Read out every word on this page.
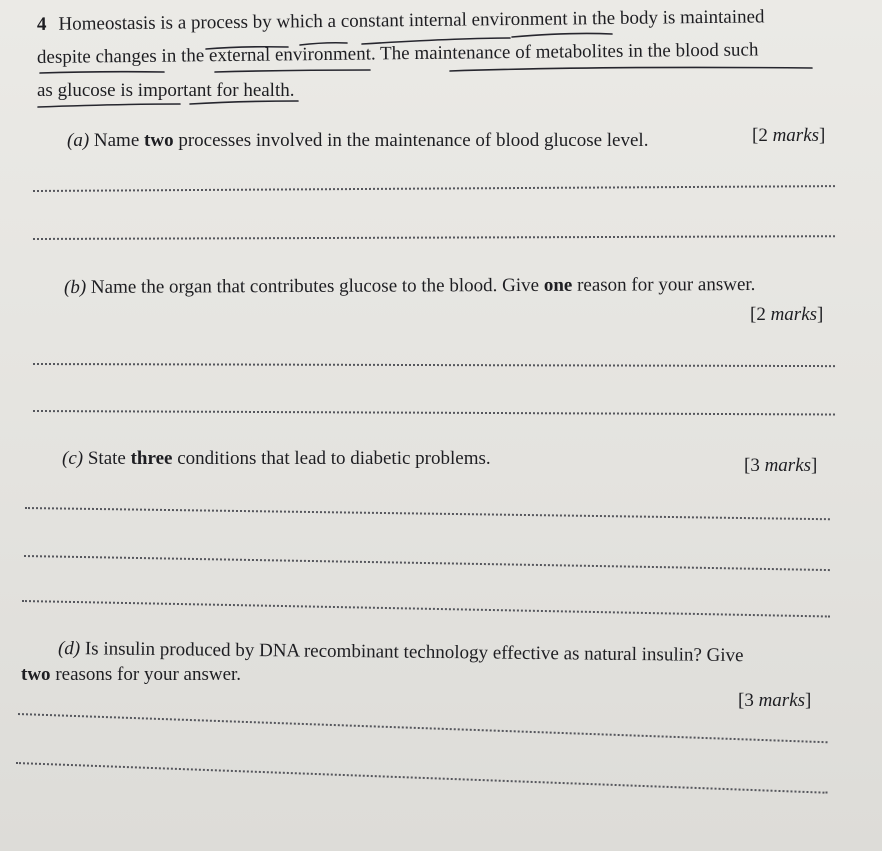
4 Homeostasis is a process by which a constant internal environment in the body is maintained
despite changes in the external environment. The maintenance of metabolites in the blood such
as glucose is important for health.
(a) Name two processes involved in the maintenance of blood glucose level.	[2 marks]
(b) Name the organ that contributes glucose to the blood. Give one reason for your answer.
[2 marks]
(c) State three conditions that lead to diabetic problems.	[3 marks]
(d) Is insulin produced by DNA recombinant technology effective as natural insulin? Give
two reasons for your answer.
[3 marks]
